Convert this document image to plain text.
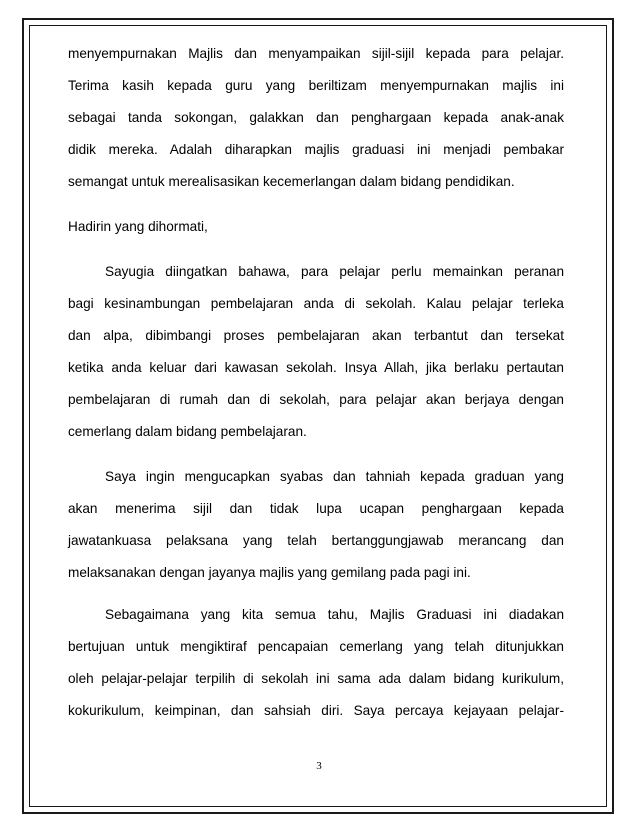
menyempurnakan Majlis dan menyampaikan sijil-sijil kepada para pelajar.
Terima kasih kepada guru yang beriltizam menyempurnakan majlis ini
sebagai tanda sokongan, galakkan dan penghargaan kepada anak-anak
didik mereka. Adalah diharapkan majlis graduasi ini menjadi pembakar
semangat untuk merealisasikan kecemerlangan dalam bidang pendidikan.
Hadirin yang dihormati,
Sayugia diingatkan bahawa, para pelajar perlu memainkan peranan
bagi kesinambungan pembelajaran anda di sekolah. Kalau pelajar terleka
dan alpa, dibimbangi proses pembelajaran akan terbantut dan tersekat
ketika anda keluar dari kawasan sekolah. Insya Allah, jika berlaku pertautan
pembelajaran di rumah dan di sekolah, para pelajar akan berjaya dengan
cemerlang dalam bidang pembelajaran.
Saya ingin mengucapkan syabas dan tahniah kepada graduan yang
akan menerima sijil dan tidak lupa ucapan penghargaan kepada
jawatankuasa pelaksana yang telah bertanggungjawab merancang dan
melaksanakan dengan jayanya majlis yang gemilang pada pagi ini.
Sebagaimana yang kita semua tahu, Majlis Graduasi ini diadakan
bertujuan untuk mengiktiraf pencapaian cemerlang yang telah ditunjukkan
oleh pelajar-pelajar terpilih di sekolah ini sama ada dalam bidang kurikulum,
kokurikulum, keimpinan, dan sahsiah diri. Saya percaya kejayaan pelajar-
3
